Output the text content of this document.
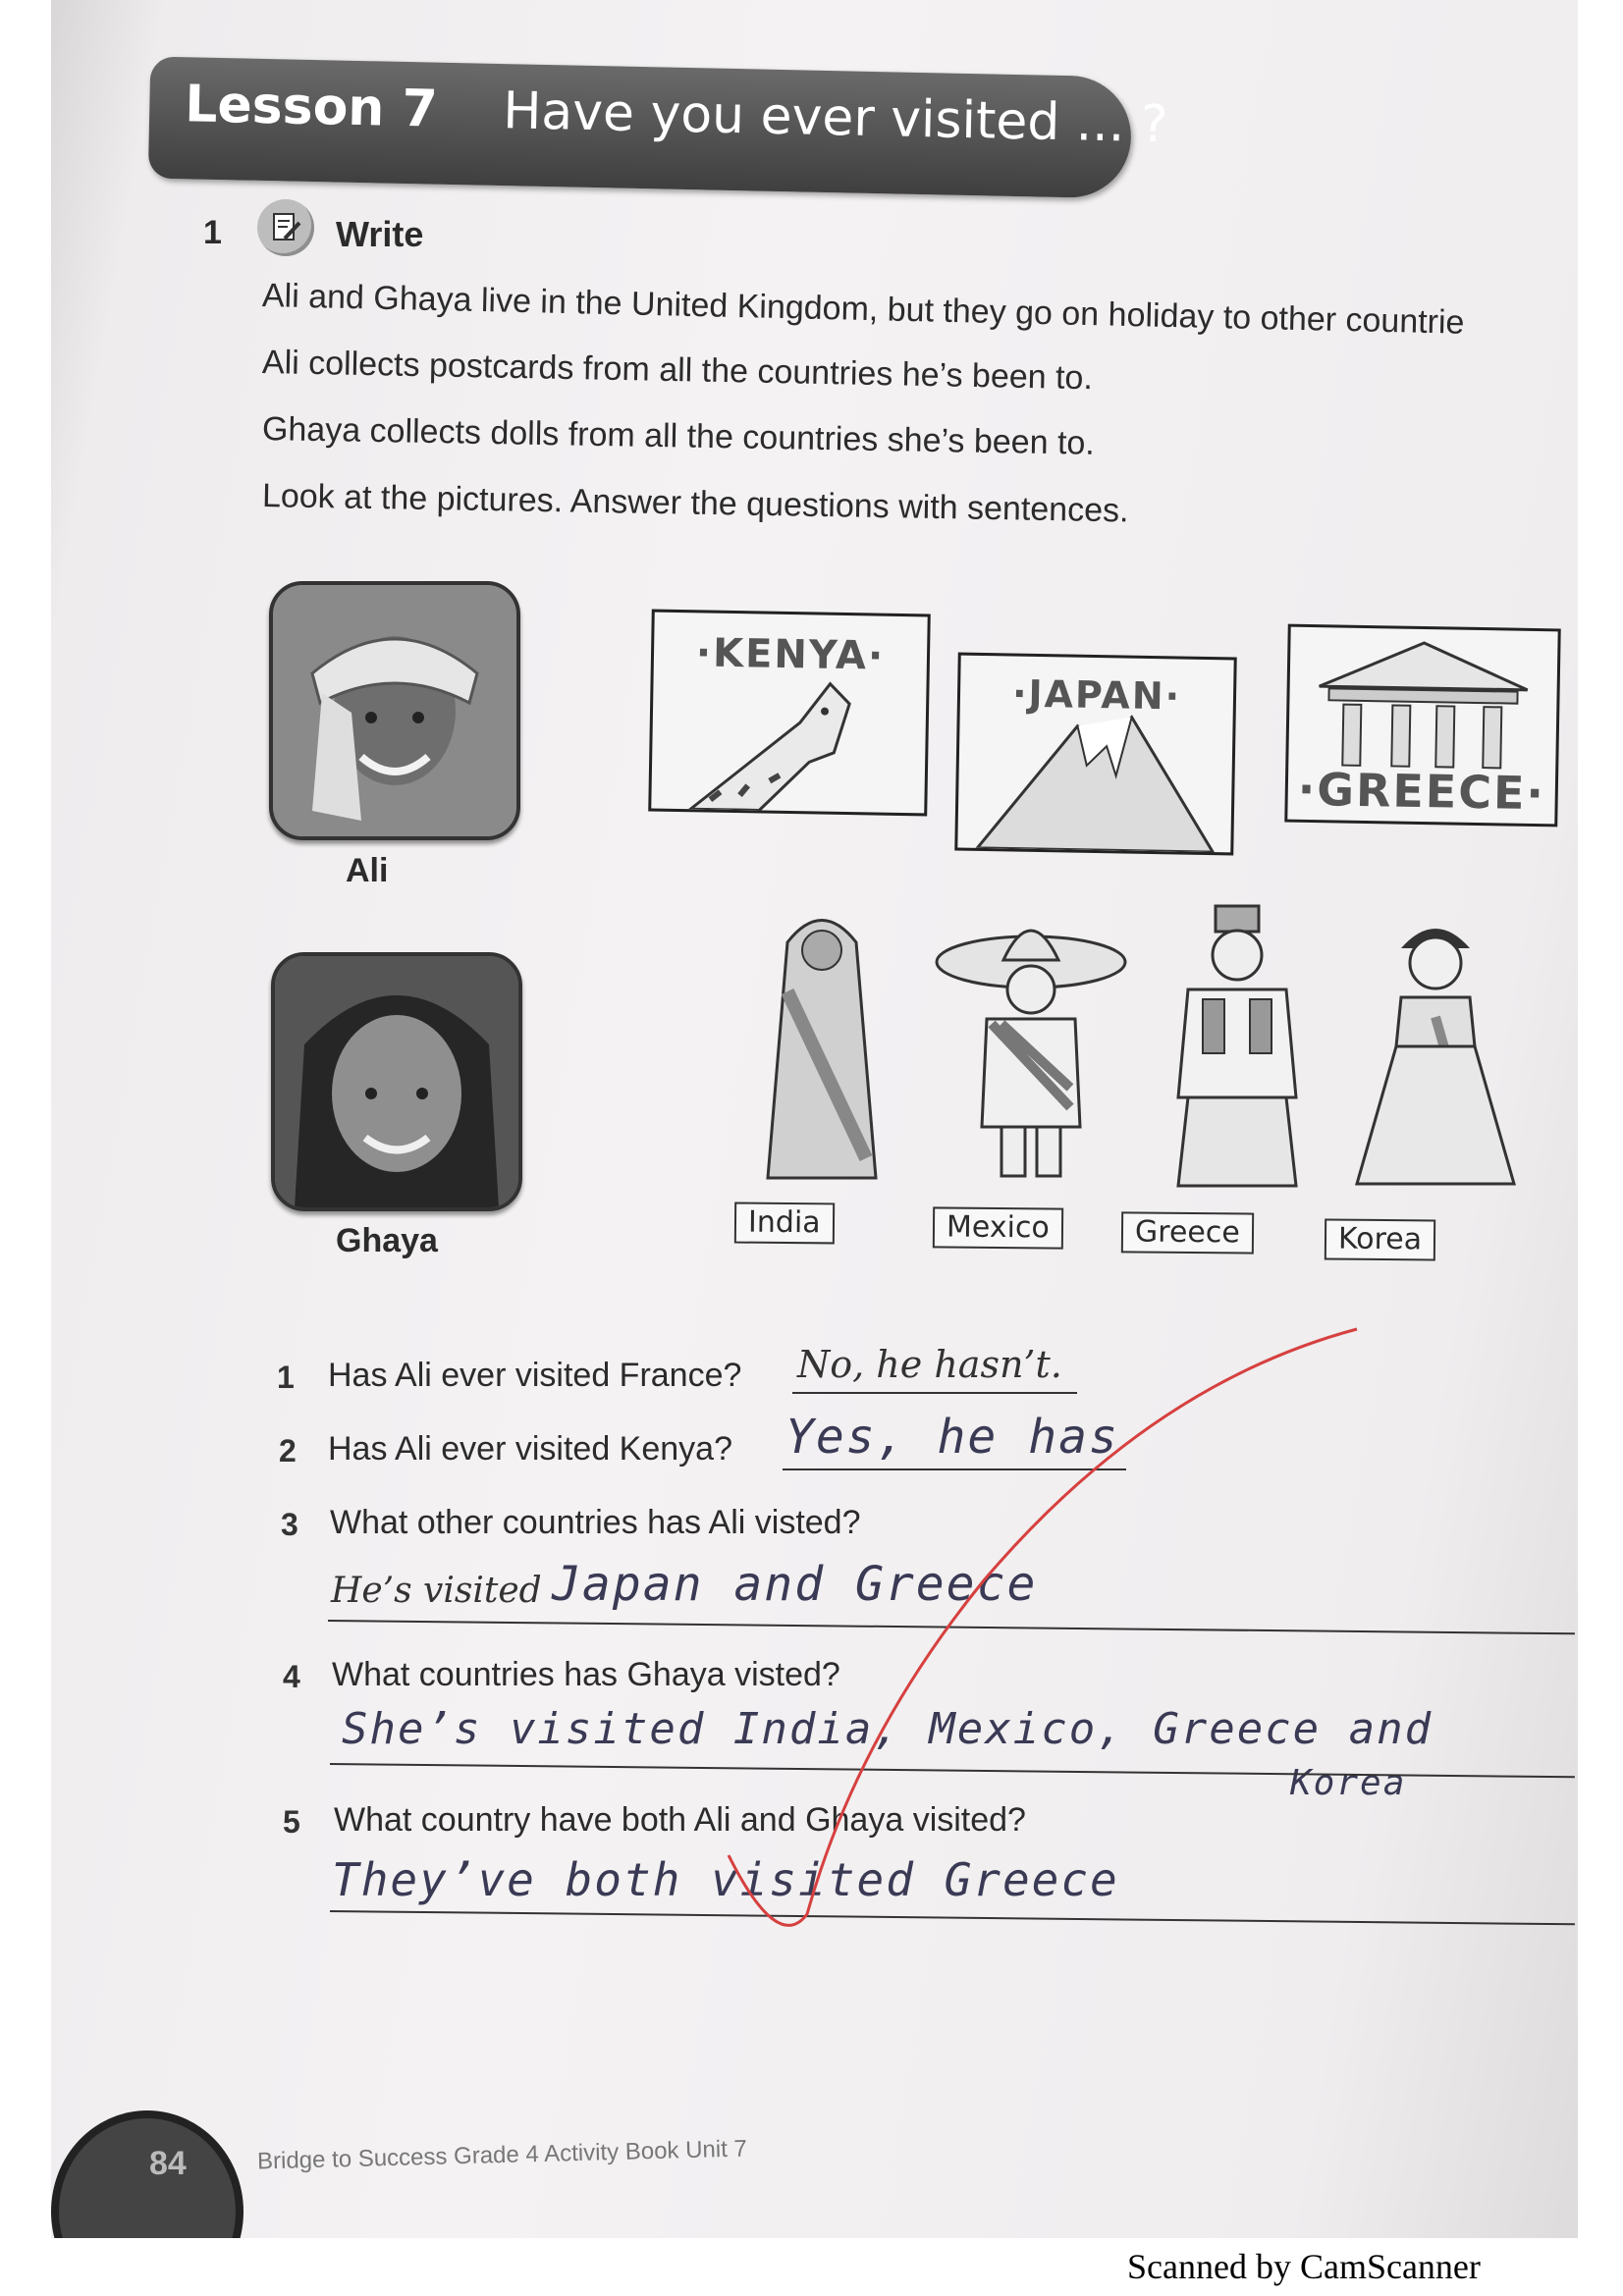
Lesson 7 Have you ever visited ... ?
1	Write
Ali and Ghaya live in the United Kingdom, but they go on holiday to other countrie
Ali collects postcards from all the countries he’s been to.
Ghaya collects dolls from all the countries she’s been to.
Look at the pictures. Answer the questions with sentences.
Ali
Ghaya
·KENYA·
·JAPAN·
·GREECE·
India	Mexico	Greece	Korea
1 Has Ali ever visited France? No, he hasn’t.
2 Has Ali ever visited Kenya? Yes, he has
3 What other countries has Ali visted?
He’s visited Japan and Greece
4 What countries has Ghaya visted?
She’s visited India, Mexico, Greece and
Korea
5 What country have both Ali and Ghaya visited?
They’ve both visited Greece
84	Bridge to Success Grade 4 Activity Book Unit 7
Scanned by CamScanner
